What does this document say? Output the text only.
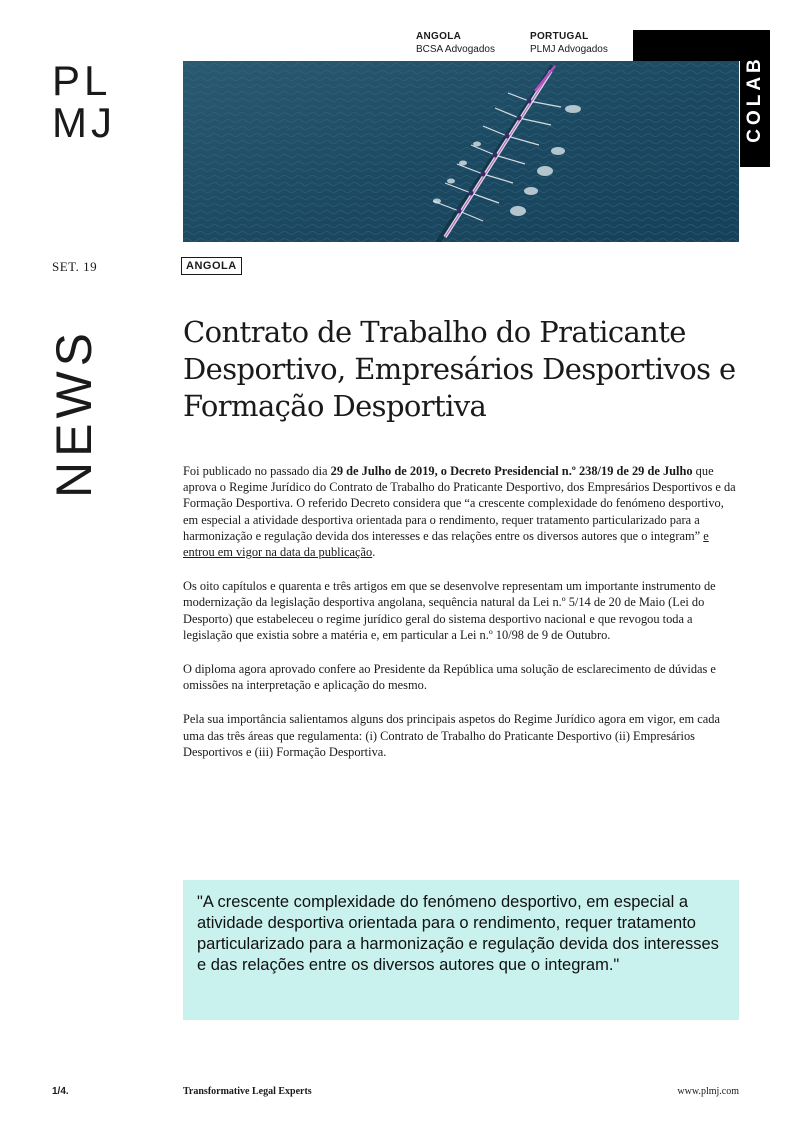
PL
MJ
ANGOLA
BCSA Advogados
PORTUGAL
PLMJ Advogados
COLAB
SET. 19	ANGOLA
NEWS	Contrato de Trabalho do Praticante Desportivo, Empresários Desportivos e Formação Desportiva

Foi publicado no passado dia 29 de Julho de 2019, o Decreto Presidencial n.º 238/19 de 29 de Julho que aprova o Regime Jurídico do Contrato de Trabalho do Praticante Desportivo, dos Empresários Desportivos e da Formação Desportiva. O referido Decreto considera que “a crescente complexidade do fenómeno desportivo, em especial a atividade desportiva orientada para o rendimento, requer tratamento particularizado para a harmonização e regulação devida dos interesses e das relações entre os diversos autores que o integram” e entrou em vigor na data da publicação.

Os oito capítulos e quarenta e três artigos em que se desenvolve representam um importante instrumento de modernização da legislação desportiva angolana, sequência natural da Lei n.º 5/14 de 20 de Maio (Lei do Desporto) que estabeleceu o regime jurídico geral do sistema desportivo nacional e que revogou toda a legislação que existia sobre a matéria e, em particular a Lei n.º 10/98 de 9 de Outubro.

O diploma agora aprovado confere ao Presidente da República uma solução de esclarecimento de dúvidas e omissões na interpretação e aplicação do mesmo.

Pela sua importância salientamos alguns dos principais aspetos do Regime Jurídico agora em vigor, em cada uma das três áreas que regulamenta: (i) Contrato de Trabalho do Praticante Desportivo (ii) Empresários Desportivos e (iii) Formação Desportiva.

"A crescente complexidade do fenómeno desportivo, em especial a atividade desportiva orientada para o rendimento, requer tratamento particularizado para a harmonização e regulação devida dos interesses e das relações entre os diversos autores que o integram."

1/4.	Transformative Legal Experts	www.plmj.com
